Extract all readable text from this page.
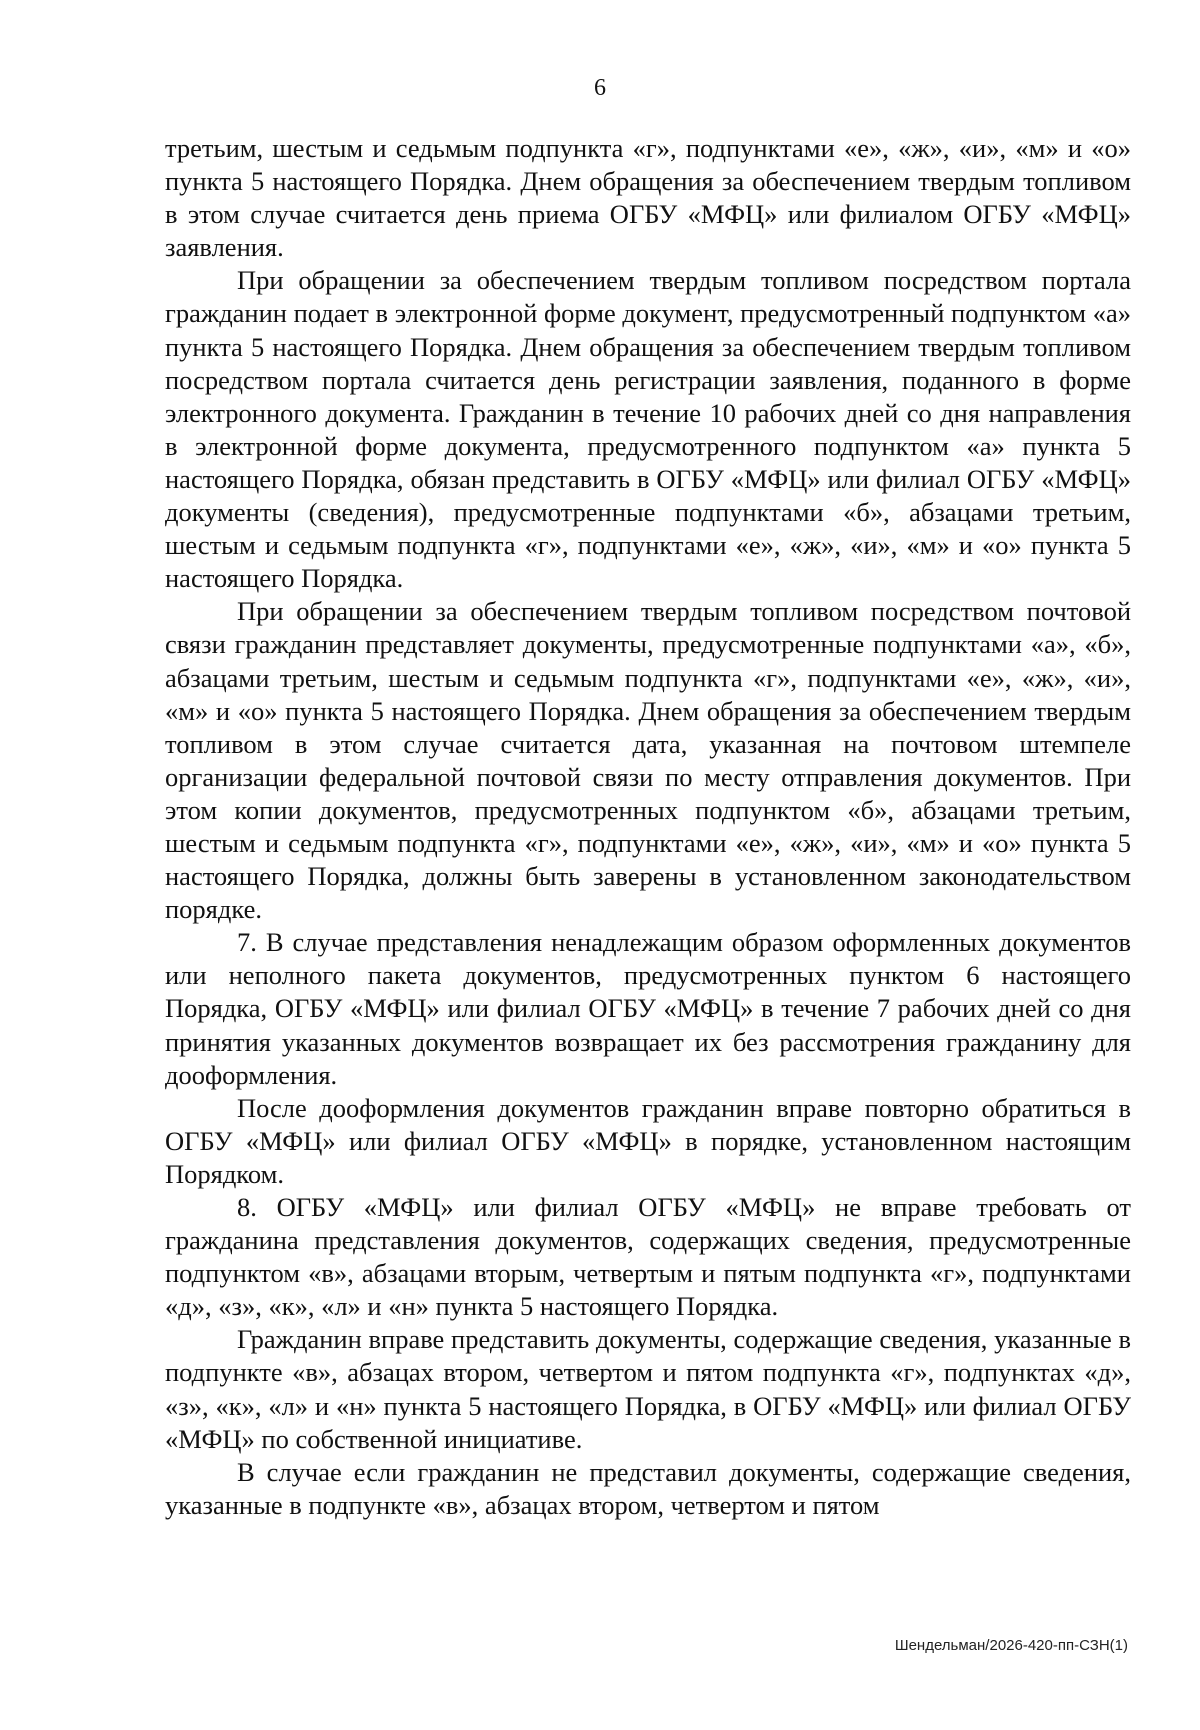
6

третьим, шестым и седьмым подпункта «г», подпунктами «е», «ж», «и», «м» и «о» пункта 5 настоящего Порядка. Днем обращения за обеспечением твердым топливом в этом случае считается день приема ОГБУ «МФЦ» или филиалом ОГБУ «МФЦ» заявления.

При обращении за обеспечением твердым топливом посредством портала гражданин подает в электронной форме документ, предусмотренный подпунктом «а» пункта 5 настоящего Порядка. Днем обращения за обеспечением твердым топливом посредством портала считается день регистрации заявления, поданного в форме электронного документа. Гражданин в течение 10 рабочих дней со дня направления в электронной форме документа, предусмотренного подпунктом «а» пункта 5 настоящего Порядка, обязан представить в ОГБУ «МФЦ» или филиал ОГБУ «МФЦ» документы (сведения), предусмотренные подпунктами «б», абзацами третьим, шестым и седьмым подпункта «г», подпунктами «е», «ж», «и», «м» и «о» пункта 5 настоящего Порядка.

При обращении за обеспечением твердым топливом посредством почтовой связи гражданин представляет документы, предусмотренные подпунктами «а», «б», абзацами третьим, шестым и седьмым подпункта «г», подпунктами «е», «ж», «и», «м» и «о» пункта 5 настоящего Порядка. Днем обращения за обеспечением твердым топливом в этом случае считается дата, указанная на почтовом штемпеле организации федеральной почтовой связи по месту отправления документов. При этом копии документов, предусмотренных подпунктом «б», абзацами третьим, шестым и седьмым подпункта «г», подпунктами «е», «ж», «и», «м» и «о» пункта 5 настоящего Порядка, должны быть заверены в установленном законодательством порядке.

7. В случае представления ненадлежащим образом оформленных документов или неполного пакета документов, предусмотренных пунктом 6 настоящего Порядка, ОГБУ «МФЦ» или филиал ОГБУ «МФЦ» в течение 7 рабочих дней со дня принятия указанных документов возвращает их без рассмотрения гражданину для дооформления.

После дооформления документов гражданин вправе повторно обратиться в ОГБУ «МФЦ» или филиал ОГБУ «МФЦ» в порядке, установленном настоящим Порядком.

8. ОГБУ «МФЦ» или филиал ОГБУ «МФЦ» не вправе требовать от гражданина представления документов, содержащих сведения, предусмотренные подпунктом «в», абзацами вторым, четвертым и пятым подпункта «г», подпунктами «д», «з», «к», «л» и «н» пункта 5 настоящего Порядка.

Гражданин вправе представить документы, содержащие сведения, указанные в подпункте «в», абзацах втором, четвертом и пятом подпункта «г», подпунктах «д», «з», «к», «л» и «н» пункта 5 настоящего Порядка, в ОГБУ «МФЦ» или филиал ОГБУ «МФЦ» по собственной инициативе.

В случае если гражданин не представил документы, содержащие сведения, указанные в подпункте «в», абзацах втором, четвертом и пятом

Шендельман/2026-420-пп-СЗН(1)
